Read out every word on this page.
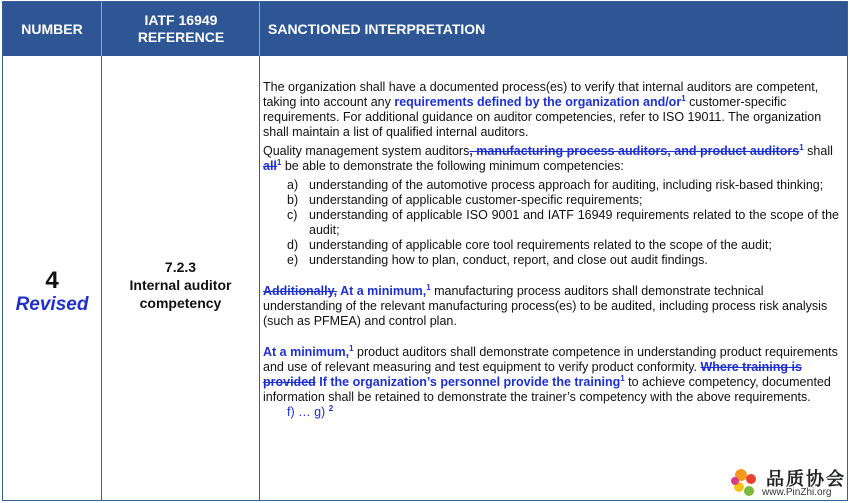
NUMBER
IATF 16949 REFERENCE
SANCTIONED INTERPRETATION
4
Revised
7.2.3
Internal auditor competency

The organization shall have a documented process(es) to verify that internal auditors are competent, taking into account any requirements defined by the organization and/$or^1$ customer-specific requirements. For additional guidance on auditor competencies, refer to ISO 19011. The organization shall maintain a list of qualified internal auditors.

Quality management system auditors, manufacturing process auditors, and product auditors$^1$ shall all$^1$ be able to demonstrate the following minimum competencies:

a) understanding of the automotive process approach for auditing, including risk-based thinking;
b) understanding of applicable customer-specific requirements;
c) understanding of applicable ISO 9001 and IATF 16949 requirements related to the scope of the audit;
d) understanding of applicable core tool requirements related to the scope of the audit;
e) understanding how to plan, conduct, report, and close out audit findings.

Additionally, At a minimum,$^1$ manufacturing process auditors shall demonstrate technical understanding of the relevant manufacturing process(es) to be audited, including process risk analysis (such as PFMEA) and control plan.

At a minimum,$^1$ product auditors shall demonstrate competence in understanding product requirements and use of relevant measuring and test equipment to verify product conformity. Where training is provided If the organization’s personnel provide the training$^1$ to achieve competency, documented information shall be retained to demonstrate the trainer’s competency with the above requirements.

f) … g) $^2$

品质协会
www.PinZhi.org
